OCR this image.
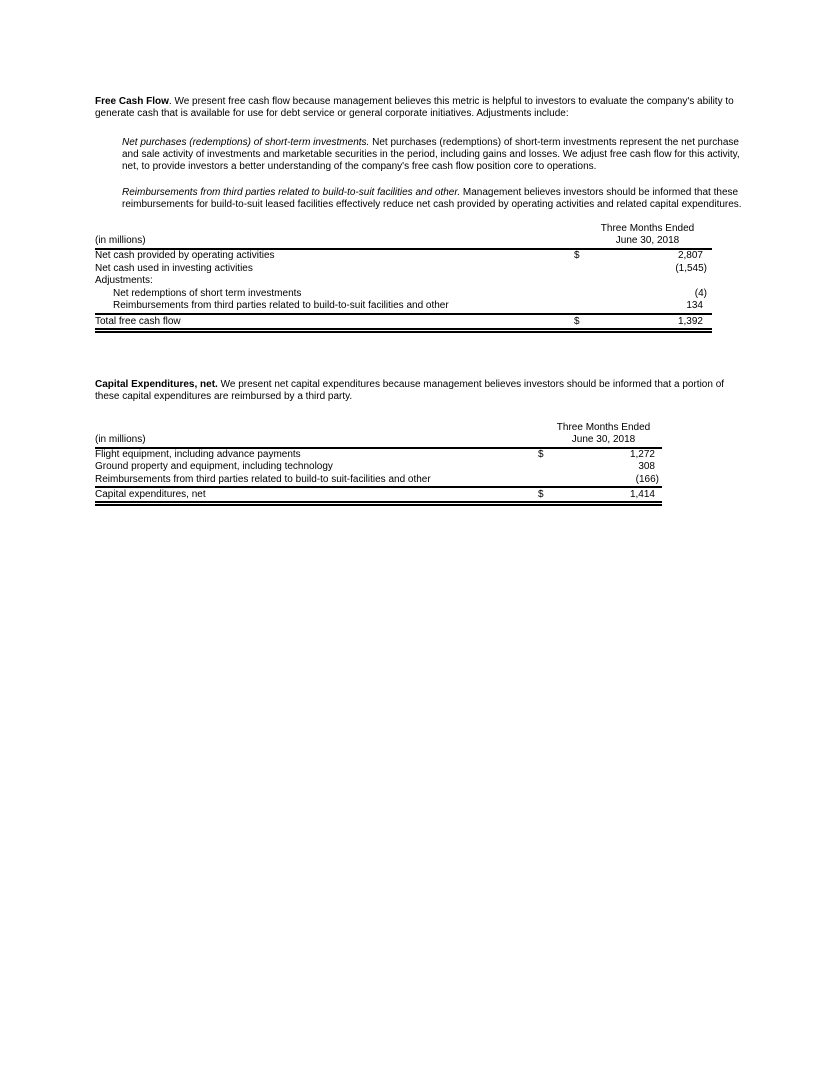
Free Cash Flow. We present free cash flow because management believes this metric is helpful to investors to evaluate the company's ability to generate cash that is available for use for debt service or general corporate initiatives. Adjustments include:

Net purchases (redemptions) of short-term investments. Net purchases (redemptions) of short-term investments represent the net purchase and sale activity of investments and marketable securities in the period, including gains and losses. We adjust free cash flow for this activity, net, to provide investors a better understanding of the company's free cash flow position core to operations.

Reimbursements from third parties related to build-to-suit facilities and other. Management believes investors should be informed that these reimbursements for build-to-suit leased facilities effectively reduce net cash provided by operating activities and related capital expenditures.

Three Months Ended
(in millions)	June 30, 2018
Net cash provided by operating activities	$	2,807
Net cash used in investing activities	(1,545)
Adjustments:
Net redemptions of short term investments	(4)
Reimbursements from third parties related to build-to-suit facilities and other	134
Total free cash flow	$	1,392

Capital Expenditures, net. We present net capital expenditures because management believes investors should be informed that a portion of these capital expenditures are reimbursed by a third party.

Three Months Ended
(in millions)	June 30, 2018
Flight equipment, including advance payments	$	1,272
Ground property and equipment, including technology	308
Reimbursements from third parties related to build-to suit-facilities and other	(166)
Capital expenditures, net	$	1,414
